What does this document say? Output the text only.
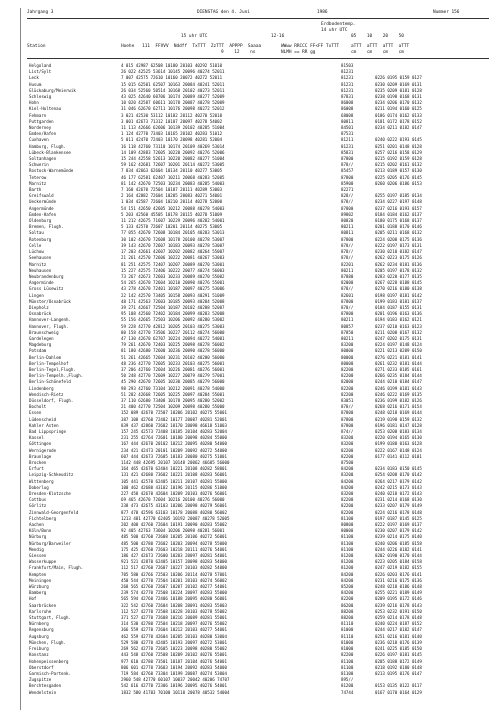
Jahrgang 3	DIENSTAG den 4. Juni	1986	Nummer 156
Erdbodentemp.
14 uhr UTC
15 uhr UTC	12-16	05    10    20    50
Station	Hoehe   111  FFVVV  Nddff  TxTTT  ZzTTT  APPPP  Saaaa	WWww RRCCC FF<FF TxTTT	aTTT  aTTT  aTTT  aTTT
9    12    ns	NLMH == RR gg	cm    cm    cm    cm
Helgoland	4 015 42987 62508 10180 20103 40292 51010	81503
List/Sylt	26 022 42525 53614 10145 20096 40274 52011	81231
Leck	7 007 42575 72610 10160 20072 40272 52011	81231	0226 0195 0159 0127
Husum	15 015 62501 62507 10163 20084 40241 52011	81231	0230 0209 0169 0131
Glückaburg/Meierwik	26 034 52560 50514 10168 20102 40273 52011	81231	0235 0209 0181 0128
Schleswig	43 025 42640 60706 10174 20089 40277 52009	87831	0238 0198 0168 0131
Hohn	10 020 42587 60611 10178 20087 40278 52009	86008	0234 0206 0170 0132
Kiel-Holtenau	31 046 62670 62711 10176 20098 40272 52012	86008	0211 0194 0160 0125
Fehmarn	3 021 42530 53112 10182 20112 40270 52010	68008	0186 0174 0162 0133
Puttgarden	3 001 42673 71312 10187 20097 40278 54002	80811	0181 0172 0178 0152
Norderney	11 113 42666 62606 10139 20102 40285 51004	84501	0234 0211 0182 0147
Emden/Hafen	1 124 42770 73403 10165 20102 40283 51012	87531
Cuxhaven	5 011 42470 72403 10170 20098 40281 52004	81211	0240 0222 0193 0145
Hamburg, Flugh.	16 118 42760 73110 10174 20109 40269 53014	81231	0251 0201 0148 0128
Lübeck-Blankensee	14 109 42883 72605 10220 20092 40276 52006	85831	0257 0216 0158 0129
Soltanhagen	15 244 42558 52613 10220 20082 40277 51004	87800	0215 0192 0159 0128
Schwerin	59 162 42681 72607 10201 20114 40272 53005	878//	0215 0202 0161 0132
Rostock-Warnemünde	7 034 42663 62604 10134 20110 40277 53005	85457	0213 0189 0157 0130
Teterow	46 177 62581 62407 10211 20068 40283 52005	87800	0225 0205 0176 0145
Marnitz	81 142 42670 72503 10234 20083 40285 54003	85900	0260 0206 0186 0153
Barth	7 160 42670 72504 10187 20111 40289 53003	82271
Greifswald	2 164 42882 72604 10205 20083 40271 54001	828//	0255 0197 0185 0134
Ueckermünde	1 034 42587 72604 10210 20114 40278 52000	878//	0234 0227 0197 0148
Angermünde	54 151 42650 42605 10212 20088 40278 54003	87800	0237 0216 0193 0157
Emden-Hafen	5 203 42560 45505 10178 20115 40278 51009	89802	0184 0184 0162 0137
Oldenburg	11 212 42675 71607 10229 20096 40282 54001	80820	0180 0175 0168 0137
Bremen, Flugh.	5 133 42570 72607 10201 20114 40275 53005	80211	0201 0188 0170 0146
Soltau	77 055 42670 72608 10184 20105 40283 53013	80811	0205 0211 0168 0132
Rotenburg	30 102 42670 72608 10178 20100 40278 53007	87800	0224 0208 0175 0136
Celle	39 143 42670 72607 10183 20093 40278 53007	878//	0222 0197 0173 0131
Lüchow	17 203 42661 42607 10202 20082 40264 55007	878//	0230 0210 0182 0147
Seehausen	21 261 42570 72606 10222 20081 40267 53003	878//	0262 0223 0175 0126
Marnitz	81 251 42575 72407 10207 20089 40270 53001	82201	0262 0234 0181 0136
Neuhausen	15 227 42575 72406 10222 20077 40274 56003	80211	0205 0197 0178 0132
Neubrandenburg	73 267 42673 72603 10233 20089 40270 55002	87880	0283 0220 0177 0135
Angerminde	54 265 42670 72604 10210 20090 40276 55001	82000	0267 0228 0188 0145
Gross Lüsewitz	43 278 42670 72401 10187 20097 40275 53006	878//	0270 0216 0180 0138
Lingen	22 142 42570 73405 10158 20093 40291 51009	82601	0198 0197 0181 0142
Münster/Osnabrück	48 171 42563 72603 10185 20093 40284 52008	87800	0199 0183 0181 0137
Diepholz	39 271 42667 72504 10187 20102 40288 52007	878//	0184 0187 0155 0131
Osnabrück	95 108 42560 72402 10184 20099 40283 52008	87800	0201 0196 0163 0136
Hannover-Langenh.	55 156 42665 72503 10206 20092 40280 53002	80211	0194 0183 0162 0121
Hannover, Flugh.	59 228 42770 42812 10205 20103 40275 53003	80857	0237 0210 0163 0123
Braunschweig	80 158 42770 73506 10227 20112 40274 56000	87850	0211 0200 0167 0132
Gardelegen	47 130 42670 62707 10224 20094 40272 54001	80211	0247 0202 0175 0131
Magdeburg	79 261 42670 72403 10225 20098 40278 56002	83200	0224 0197 0148 0124
Potsdam	81 180 42680 72600 10236 20090 40278 56000	80000	0221 0213 0209 0150
Berlin-Dahlem	51 261 42665 72604 10231 20102 40280 56000	80000	0276 0221 0181 0141
Berlin-Tempelhof	48 236 42770 72605 10233 20103 40275 56001	80000	0261 0232 0181 0144
Berlin-Tegel,Flugh.	37 286 42760 72604 10226 20081 40276 56001	82200	0271 0233 0185 0161
Berlin-Tempelh.,Flugh.	50 248 42770 72609 10227 20079 40279 57001	82200	0266 0235 0184 0144
Berlin-Schönefeld	45 290 42670 72605 10230 20085 40279 56000	82000	0244 0210 0184 0147
Lindenberg	98 293 42760 73104 10212 20091 40278 54000	82200	0246 0199 0181 0143
Wendisch-Rietz	51 282 42668 72605 10225 20097 40284 55001	82200	0246 0222 0169 0135
Düsseldorf, Flugh.	37 110 62680 73408 10178 20095 40280 52002	83051	0236 0199 0182 0126
Bocholt	21 400 42770 72504 10209 20098 40280 55000	878//	0268 0216 0171 0154
Essen	152 089 42670 72507 10206 20102 40275 55001	87800	0248 0218 0169 0144
Lüdenscheid	387 108 42760 72402 10177 20087 40281 52001	87800	0219 0198 0159 0132
Kahler Asten	839 437 42860 72602 10170 20098 46618 51003	87800	0196 0181 0147 0128
Bad Lippspringe	157 245 42573 72408 10185 20104 40283 52004	874//	0253 0208 0183 0134
Kassel	231 255 42764 72601 10180 20098 40284 55000	83200	0220 0194 0165 0130
Göttingen	167 444 42670 20102 10212 20095 40280 54000	83200	0199 0188 0163 0128
Wernigerode	234 421 42473 20101 10209 20092 40272 54000	82200	0222 0167 0148 0124
Braunlage	607 444 42673 72605 10183 20080 40275 51001	82200	0177 0141 0112 0101
Brocken	1142 448 42695 20107 10148 20062 46605 56000	87500
Erfurt	164 465 42670 62404 10221 20108 40282 58001	84200	0234 0183 0150 0145
Leipzig-Schkeuditz	131 421 42680 73602 10221 20108 40283 56001	83200	0254 0208 0170 0142
Wittenberg	105 441 42570 62405 10211 20107 40281 55000	84200	0264 0217 0179 0142
Doberlug	100 462 42680 43102 10196 20115 40286 51000	84200	0242 0215 0173 0143
Dresden-Klotzsche	227 458 42670 42604 10209 20103 40276 56001	83200	0240 0218 0172 0143
Cottbus	69 465 42670 72604 10216 20100 40276 56000	82200	0231 0214 0168 0130
Görlitz	238 473 42675 43103 10206 20098 40279 56001	82200	0233 0207 0179 0149
Zinnwald-Georgenfeld	877 470 42596 63103 10178 20088 40280 56002	82200	0224 0216 0178 0148
Fichtelberg	1213 481 42770 62405 10192 20087 40278 52005	81100	0197 0187 0145 0125
Aachen	202 400 42760 72604 10191 20090 40283 55002	80800	0222 0197 0169 0137
Köln/Bonn	92 405 42763 73604 10206 20098 40281 56001	80000	0230 0207 0179 0142
Nürburg	485 500 42760 72608 10205 20106 40272 56001	81100	0239 0214 0175 0140
Nürburg/Barweiler	485 500 42780 72602 10203 20094 40278 55000	81100	0240 0206 0185 0158
Mendig	175 425 42760 72603 10218 20111 40276 54001	81100	0244 0226 0182 0141
Giessen	186 427 42673 72600 10203 20097 40281 54001	81200	0202 0190 0170 0144
Wasserkuppe	921 521 42870 62405 10157 20098 40283 54000	81200	0223 0205 0184 0158
Frankfurt/Main, Flugh.	112 517 42760 72607 10227 20103 40282 54000	81200	0247 0219 0182 0155
Kempten	705 580 42766 72503 10206 20114 40278 57001	84200	0226 0203 0176 0141
Meiningen	450 544 42770 72504 10201 20103 40274 56002	84200	0231 0216 0175 0136
Würzburg	268 565 42760 72607 10207 20102 40277 54001	85200	0248 0218 0186 0148
Bamberg	239 574 42770 72508 10224 20097 40283 55000	84200	0255 0221 0189 0149
Hof	565 594 42760 72406 10188 20095 40280 56001	82200	0209 0195 0172 0146
Saarbrücken	322 542 42760 72604 10208 20091 40283 55003	86200	0239 0216 0178 0143
Karlsruhe	112 527 42770 72508 10228 20103 40278 55002	88200	0253 0232 0191 0150
Stuttgart, Flugh.	371 527 42770 72608 10216 20089 40281 55001	88200	0259 0214 0178 0148
Nürnberg	314 530 42780 72504 10218 20097 40276 55002	81110	0240 0224 0187 0152
Regensburg	366 559 42770 72604 10212 20103 40277 54001	81000	0244 0217 0182 0147
Augsburg	462 559 42770 42604 10205 20103 40280 53004	81110	0251 0216 0181 0140
München, Flugh.	529 580 42770 42405 10193 20097 40272 53001	81000	0236 0218 0176 0139
Freiburg	269 562 42770 72605 10223 20098 40280 55002	81000	0241 0225 0185 0150
Konstanz	443 548 42760 72508 10209 20102 40276 55001	82200	0226 0197 0181 0145
Hohenpeissenberg	977 610 42780 73501 10187 20104 40276 54001	81100	0205 0188 0172 0149
Oberstdorf	806 601 42770 73603 10194 20092 40283 54000	81100	0218 0192 0180 0148
Garmisch-Partenk.	719 584 42760 73304 10199 20087 40274 53004	81100	0213 0195 0176 0147
Zugspitze	2960 548 42770 60107 10037 20042 40206 74707	895//
Berchtesgaden	542 616 42770 72306 10196 20095 40276 54001	81200	0153 0135 0122 0117
Wendelstein	1832 580 41703 70100 10118 20078 40532 54004	74744	0167 0170 0164 0129
